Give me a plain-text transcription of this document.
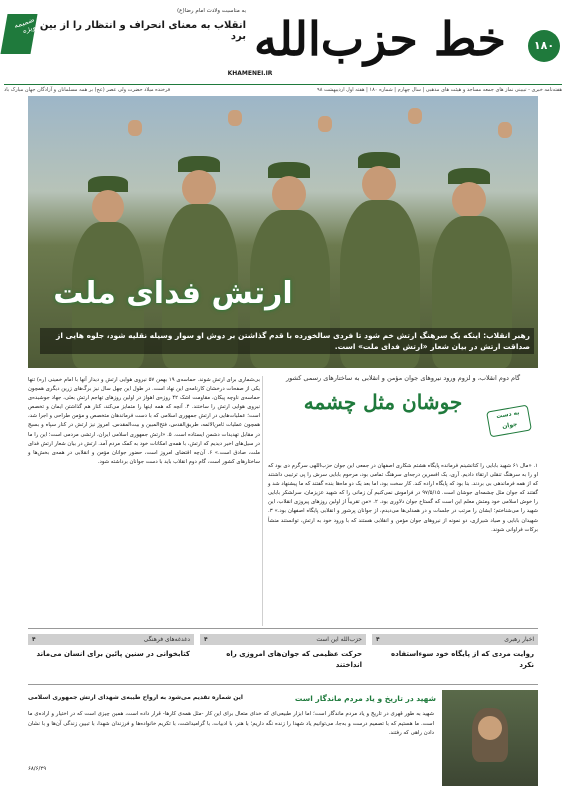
ضمیمه ویژه
به مناسبت ولادت امام رضا(ع)
انقلاب به معنای انحراف و انتظار را از بین برد خط حزب‌الله	۱۸۰
KHAMENEI.IR
هفته‌نامه خبری - تبیینی نماز های جمعه مساجد و هیئت های مذهبی | سال چهارم | شماره ۱۸۰ | هفته اول اردیبهشت ۹۸
فرخنده میلاد حضرت ولی عصر (عج) بر همه مسلمانان و آزادگان جهان مبارک باد
ارتش فدای ملت
رهبر انقلاب: اینکه یک سرهنگ ارتش خم شود تا فردی سالخورده با قدم گذاشتن بر دوش او سوار وسیله نقلیه شود، جلوه‌ هایی از صداقت ارتش در بیان شعار «ارتش فدای ملت» است.
گام دوم انقلاب، و لزوم ورود نیروهای جوان مؤمن و انقلابی به ساختارهای رسمی کشور
جوشان مثل چشمه
به دست جوان
۱. «مال ۶۱ شهید بابایی را کتانشینم فرمانده پایگاه هشتم شکاری اصفهان در جمعی این جوان حزب‌اللهی سرگرم دی بود که او را به سرهنگ تنقلی ارتقاء دادیم. آری، یک افسرین درجه‌ای سرهنگ تمامی بود، مرحوم بابایی سرش را پی ترتیبی داشتند که از همه فرماندهی بی بردند. بنا بود که پایگاه اراده کند. کار سخت بود، اما بعد یک دو ماه‌ها بنده گفتند که ما پیشنهاد شد و گفتند که جوان مثل چشمه‌ای جوشان است. ۹۷/۵/۱۵ در فراموش نمی‌کنیم آن زمانی را که شهید عزیزمان، سرلشکر بابایی را خوش اسلامی خود ومتش معلم این است که گستاخ جوان دلاوری بود. ۲. «من تقریباً از اولین روزهای پیروزی انقلاب، این شهید را می‌شناختم؛ ایشان را مرتب در جلسات و در همدلی‌ها می‌دیدم، از جوانان پرشور و انقلابی پایگاه اصفهان بود.» ۳. شهیدان بابایی و صیاد شیرازی، دو نمونه از نیروهای جوان مؤمن و انقلابی هستند که با ورود خود به ارتش، توانستند منشأ برکات فراوانی شوند.
بی‌شماری برای ارتش شوند. حماسه‌ی ۱۹ بهمن ۵۷ نیروی هوایی ارتش و دیدار آنها با امام خمینی (ره) تنها یکی از صفحات درخشان کارنامه‌ی این نهاد است. در طول این چهل سال نیز برگ‌های زرین دیگری همچون حماسه‌ی ناوچه پیکان، مقاومت اشک ۴۲ روزه‌ی اهواز در اولین روزهای تهاجم ارتش بعثی، جهاد جوشیده‌ی نیروی هوایی ارتش را ساختند. ۴. آنچه که همه اینها را متمایز می‌کند، کنار هم گذاشتن ایمان و تخصص است؛ عملیات‌هایی در ارتش جمهوری اسلامی که با دست فرماندهان متخصص و مؤمن طراحی و اجرا شد، همچون عملیات ثامن‌الائمه، طریق‌القدس، فتح‌المبین و بیت‌المقدس. امروز نیز ارتش در کنار سپاه و بسیج در مقابل تهدیدات دشمن ایستاده است. ۵. «ارتش جمهوری اسلامی ایران، ارتشی مردمی است؛ این را ما در سیل‌های اخیر دیدیم که ارتش، با همه‌ی امکانات خود به کمک مردم آمد. ارتش در بیان شعار ارتش فدای ملت، صادق است.» ۶. آن‌چه اقتضای امروز است، حضور جوانان مؤمن و انقلابی در همه‌ی بخش‌ها و ساختارهای کشور است، گام دوم انقلاب باید با دست جوانان برداشته شود.
اخبار رهبری
۴
روایت مردی که از پایگاه خود سوءاستفاده نکرد
حزب‌الله این است
۴
حرکت عظیمی که جوان‌های امروزی راه انداختند
دغدغه‌های فرهنگی
۴
کتابخوانی در سنین پائین برای انسان می‌ماند
شهید در تاریخ و یاد مردم ماندگار است
این شماره تقدیم می‌شود به ارواح طیبه‌ی شهدای ارتش جمهوری اسلامی
شهید به طور قهری در تاریخ و یاد مردم ماندگار است؛ اما ابزار طبیعی‌ای که خدای متعال برای این کار -مثل همه‌ی کارها- قرار داده است، همین چیزی است که در اختیار و اراده‌ی ما است. ما هستیم که با تصمیم درست و به‌جا، می‌توانیم یاد شهدا را زنده نگه داریم؛ با هنر، با ادبیات، با گرامیداشت، با تکریم خانواده‌ها و فرزندان شهدا، با تبیین زندگی آن‌ها و با نشان دادن راهی که رفتند.
۶۸/۶/۲۹
